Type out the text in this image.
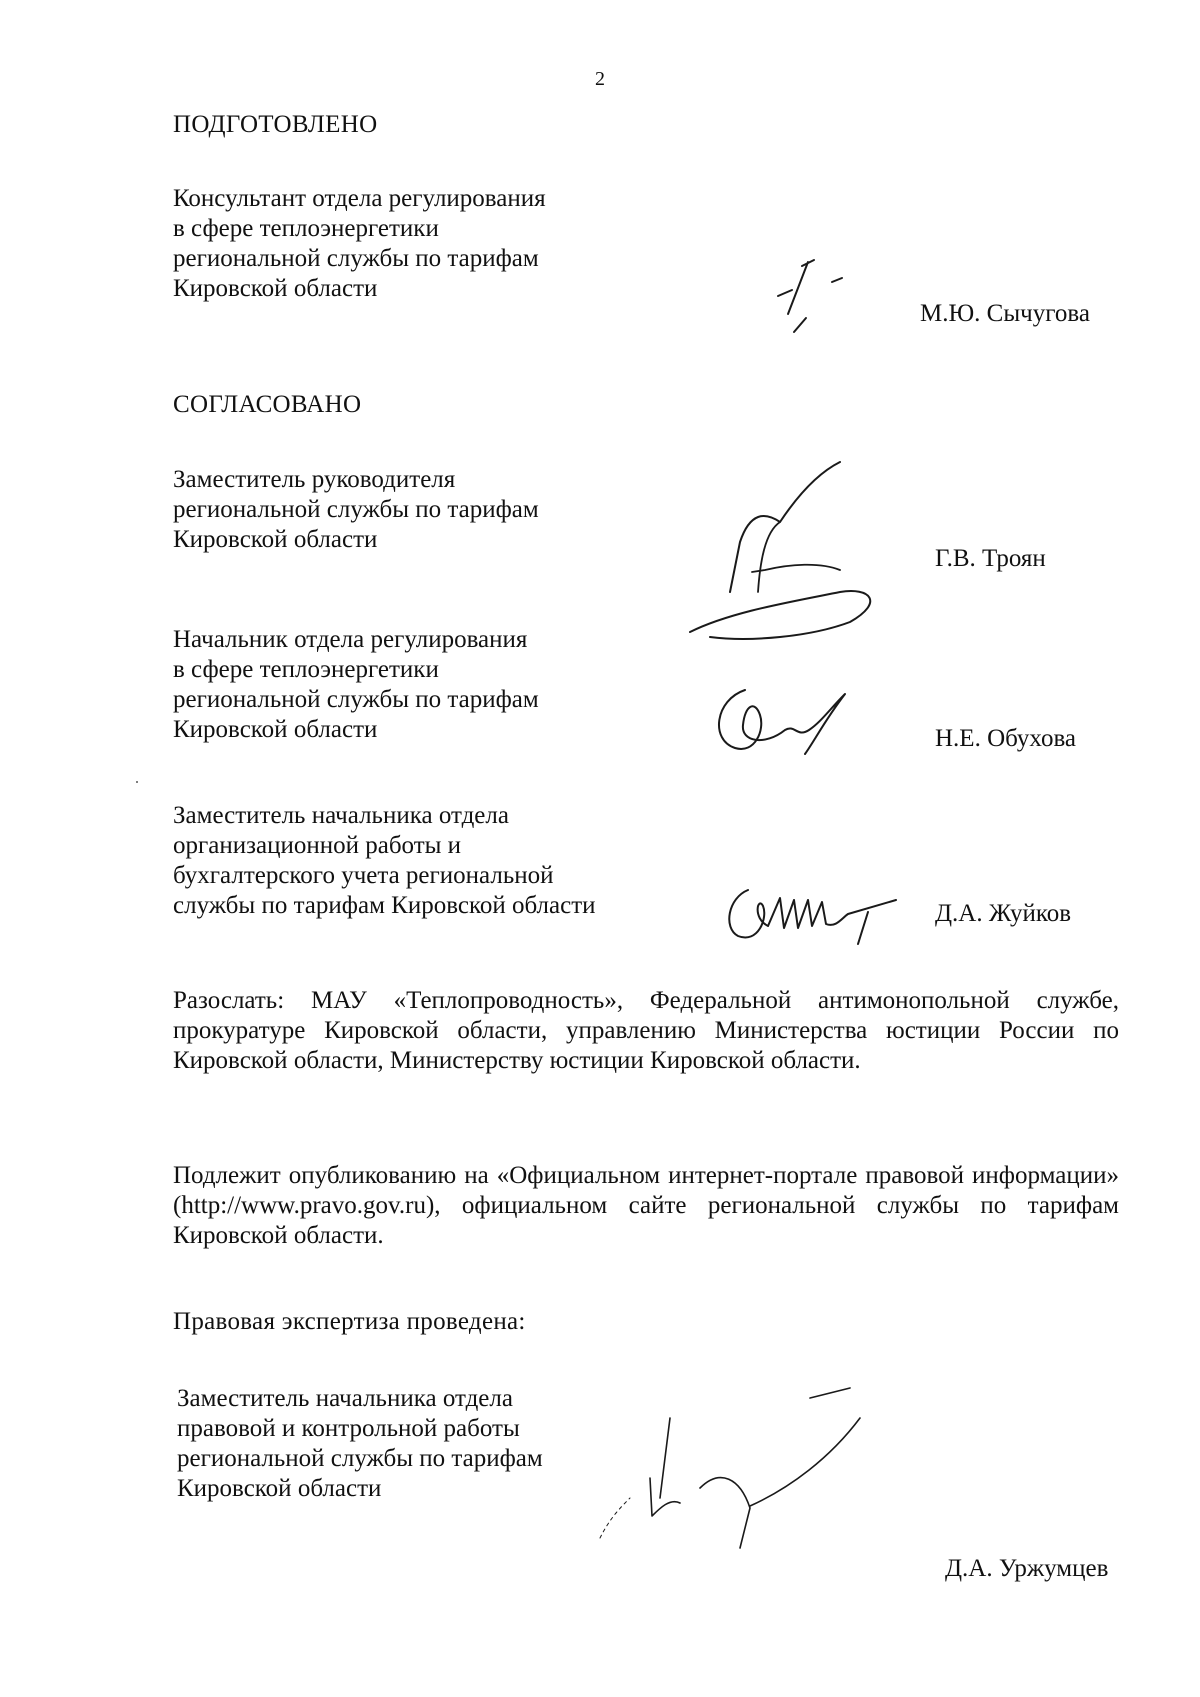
2
ПОДГОТОВЛЕНО
Консультант отдела регулирования
в сфере теплоэнергетики
региональной службы по тарифам
Кировской области
М.Ю. Сычугова
СОГЛАСОВАНО
Заместитель руководителя
региональной службы по тарифам
Кировской области
Г.В. Троян
Начальник отдела регулирования
в сфере теплоэнергетики
региональной службы по тарифам
Кировской области	Н.Е. Обухова
Заместитель начальника отдела
организационной работы и
бухгалтерского учета региональной
службы по тарифам Кировской области	Д.А. Жуйков
Разослать: МАУ «Теплопроводность», Федеральной антимонопольной службе, прокуратуре Кировской области, управлению Министерства юстиции России по Кировской области, Министерству юстиции Кировской области.
Подлежит опубликованию на «Официальном интернет-портале правовой информации» (http://www.pravo.gov.ru), официальном сайте региональной службы по тарифам Кировской области.
Правовая экспертиза проведена:
Заместитель начальника отдела
правовой и контрольной работы
региональной службы по тарифам
Кировской области
Д.А. Уржумцев
